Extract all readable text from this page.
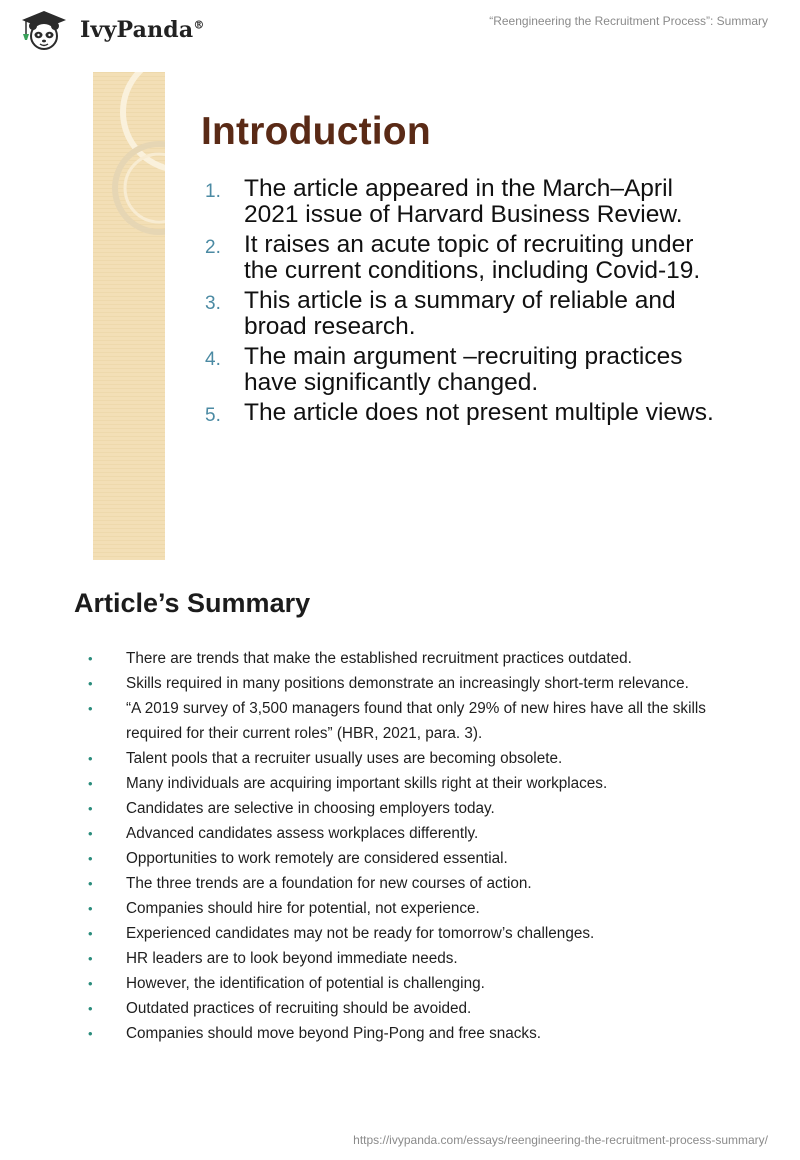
IvyPanda®	“Reengineering the Recruitment Process”: Summary
Introduction
1. The article appeared in the March–April 2021 issue of Harvard Business Review.
2. It raises an acute topic of recruiting under the current conditions, including Covid-19.
3. This article is a summary of reliable and broad research.
4. The main argument –recruiting practices have significantly changed.
5. The article does not present multiple views.
Article’s Summary
• There are trends that make the established recruitment practices outdated.
• Skills required in many positions demonstrate an increasingly short-term relevance.
• “A 2019 survey of 3,500 managers found that only 29% of new hires have all the skills required for their current roles” (HBR, 2021, para. 3).
• Talent pools that a recruiter usually uses are becoming obsolete.
• Many individuals are acquiring important skills right at their workplaces.
• Candidates are selective in choosing employers today.
• Advanced candidates assess workplaces differently.
• Opportunities to work remotely are considered essential.
• The three trends are a foundation for new courses of action.
• Companies should hire for potential, not experience.
• Experienced candidates may not be ready for tomorrow’s challenges.
• HR leaders are to look beyond immediate needs.
• However, the identification of potential is challenging.
• Outdated practices of recruiting should be avoided.
• Companies should move beyond Ping-Pong and free snacks.
https://ivypanda.com/essays/reengineering-the-recruitment-process-summary/
